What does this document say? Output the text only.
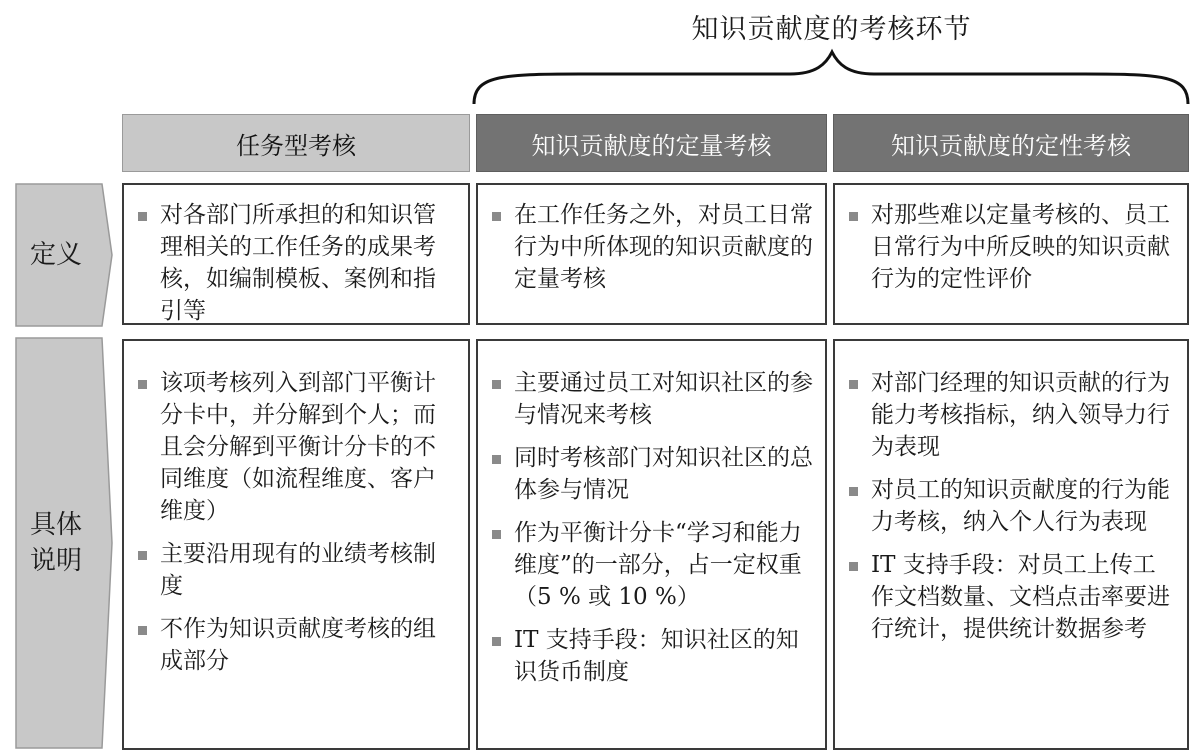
知识贡献度的考核环节
任务型考核	知识贡献度的定量考核	知识贡献度的定性考核
定义
具体说明
对各部门所承担的和知识管理相关的工作任务的成果考核，如编制模板、案例和指引等
在工作任务之外，对员工日常行为中所体现的知识贡献度的定量考核
对那些难以定量考核的、员工日常行为中所反映的知识贡献行为的定性评价
该项考核列入到部门平衡计分卡中，并分解到个人；而且会分解到平衡计分卡的不同维度（如流程维度、客户维度）
主要沿用现有的业绩考核制度
不作为知识贡献度考核的组成部分
主要通过员工对知识社区的参与情况来考核
同时考核部门对知识社区的总体参与情况
作为平衡计分卡“学习和能力维度”的一部分，占一定权重（5 % 或 10 %）
IT 支持手段：知识社区的知识货币制度
对部门经理的知识贡献的行为能力考核指标，纳入领导力行为表现
对员工的知识贡献度的行为能力考核，纳入个人行为表现
IT 支持手段：对员工上传工作文档数量、文档点击率要进行统计，提供统计数据参考
